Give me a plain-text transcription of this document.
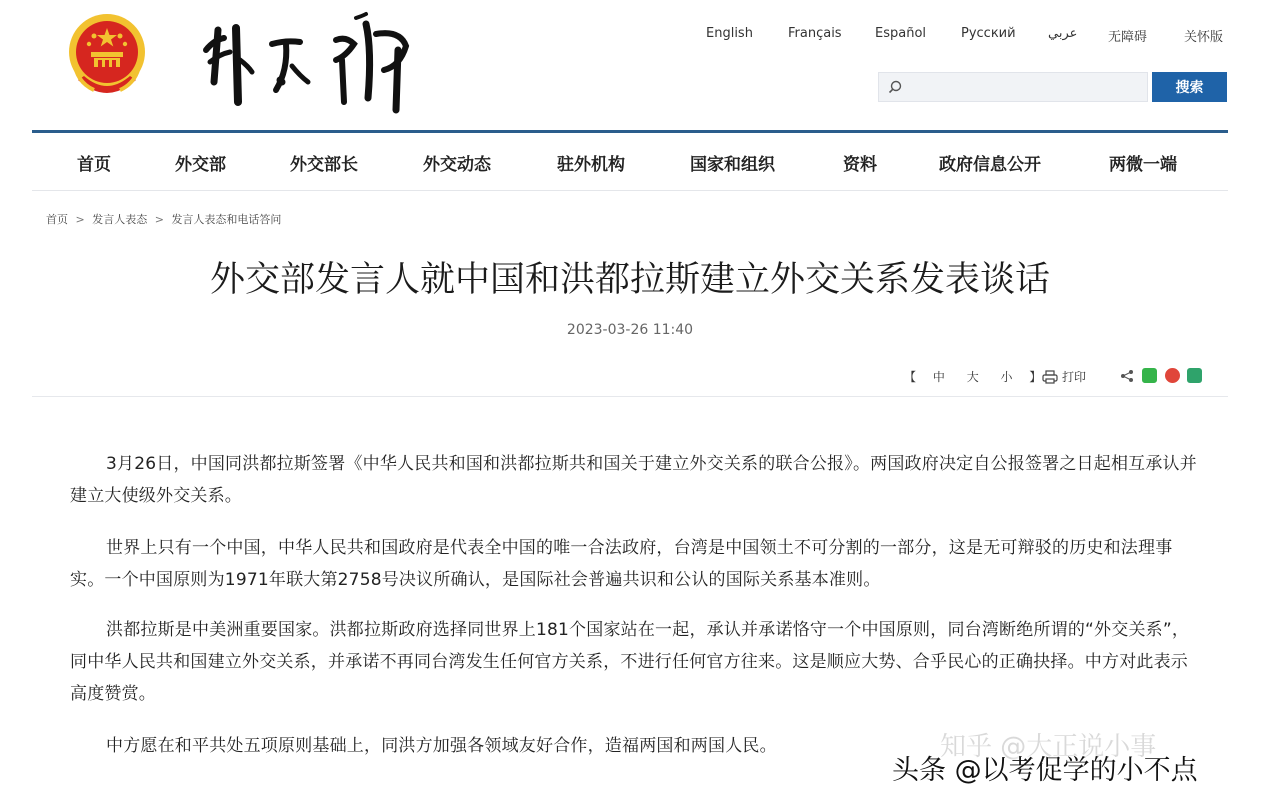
English	Français	Español	Русский عربي 无障碍	关怀版
搜索
首页	外交部	外交部长	外交动态	驻外机构	国家和组织	资料	政府信息公开	两微一端
首页 > 发言人表态 > 发言人表态和电话答问
外交部发言人就中国和洪都拉斯建立外交关系发表谈话
2023-03-26 11:40
【 中 大 小 】	打印

3月26日，中国同洪都拉斯签署《中华人民共和国和洪都拉斯共和国关于建立外交关系的联合公报》。两国政府决定自公报签署之日起相互承认并建立大使级外交关系。

世界上只有一个中国，中华人民共和国政府是代表全中国的唯一合法政府，台湾是中国领土不可分割的一部分，这是无可辩驳的历史和法理事实。一个中国原则为1971年联大第2758号决议所确认，是国际社会普遍共识和公认的国际关系基本准则。

洪都拉斯是中美洲重要国家。洪都拉斯政府选择同世界上181个国家站在一起，承认并承诺恪守一个中国原则，同台湾断绝所谓的“外交关系”，同中华人民共和国建立外交关系，并承诺不再同台湾发生任何官方关系，不进行任何官方往来。这是顺应大势、合乎民心的正确抉择。中方对此表示高度赞赏。

中方愿在和平共处五项原则基础上，同洪方加强各领域友好合作，造福两国和两国人民。	知乎 @大正说小事
头条 @以考促学的小不点
